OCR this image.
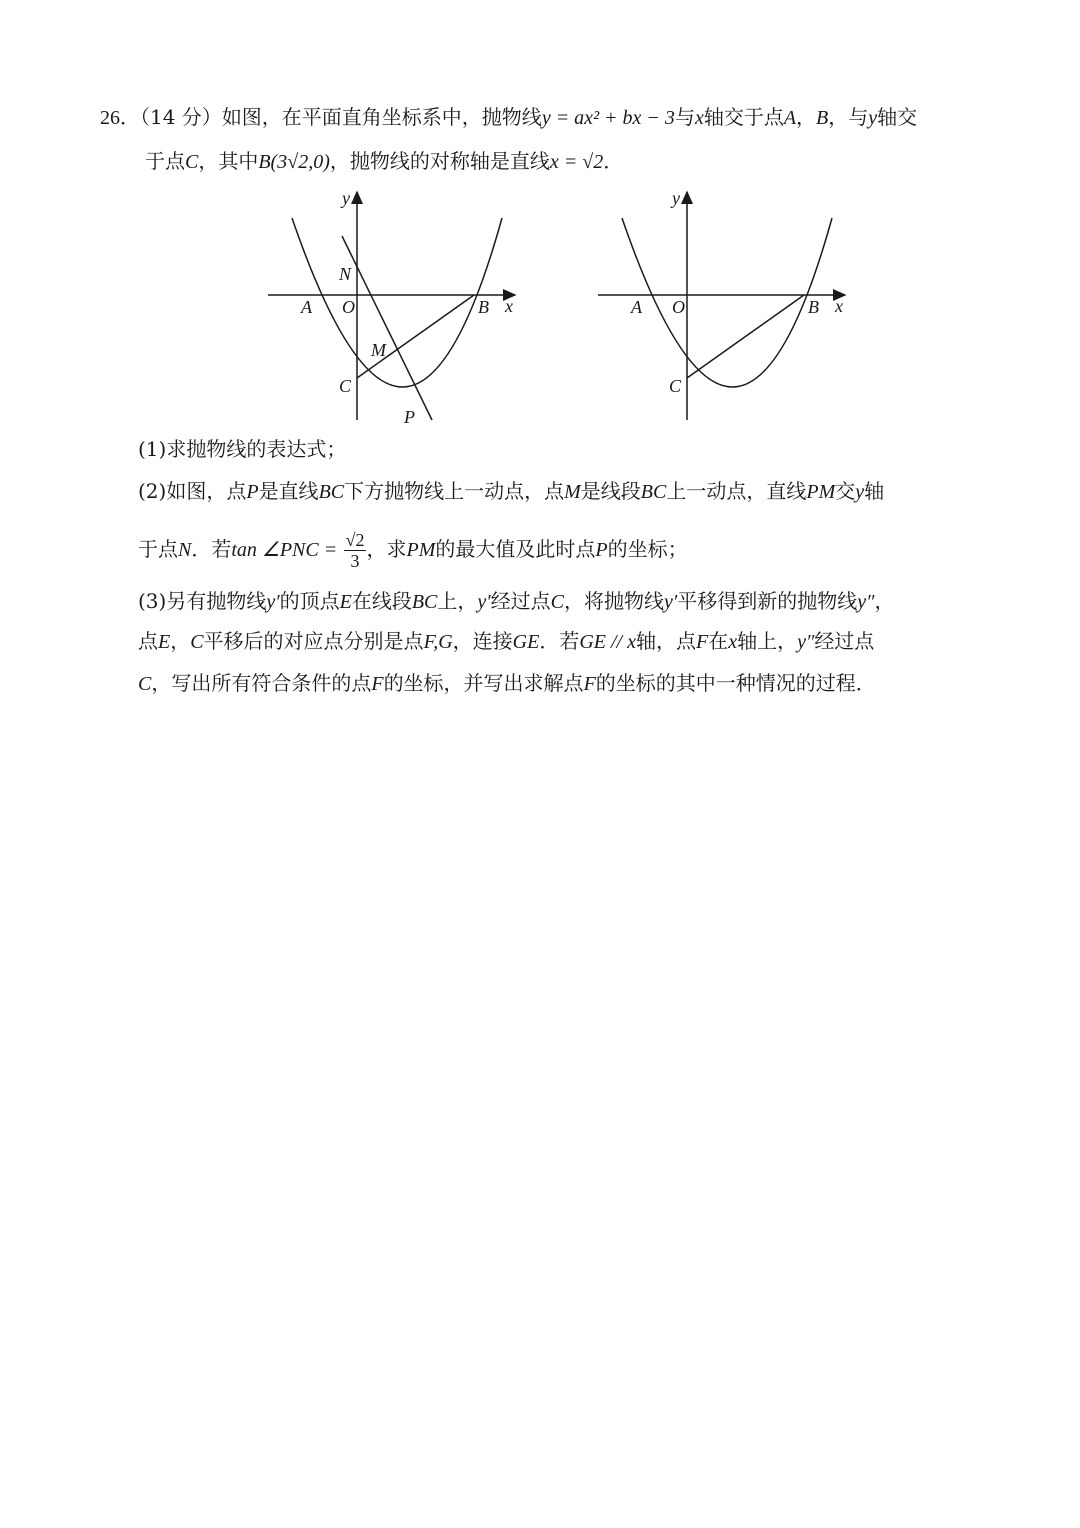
26．（14 分）如图，在平面直角坐标系中，抛物线y = ax² + bx − 3与x轴交于点A，B，与y轴交
于点C，其中B(3√2,0)，抛物线的对称轴是直线x = √2．
y
x
N
A O	B
M
C
P
y
x
A O	B
C
(1)求抛物线的表达式；
(2)如图，点P是直线BC下方抛物线上一动点，点M是线段BC上一动点，直线PM交y轴
于点N．若tan ∠PNC = $\frac{√2}{3}$ ，求PM的最大值及此时点P的坐标；
(3)另有抛物线y′的顶点E在线段BC上，y′经过点C，将抛物线y′平移得到新的抛物线y″，
点E，C平移后的对应点分别是点F,G，连接GE．若GE // x轴，点F在x轴上，y″经过点
C，写出所有符合条件的点F的坐标，并写出求解点F的坐标的其中一种情况的过程．
